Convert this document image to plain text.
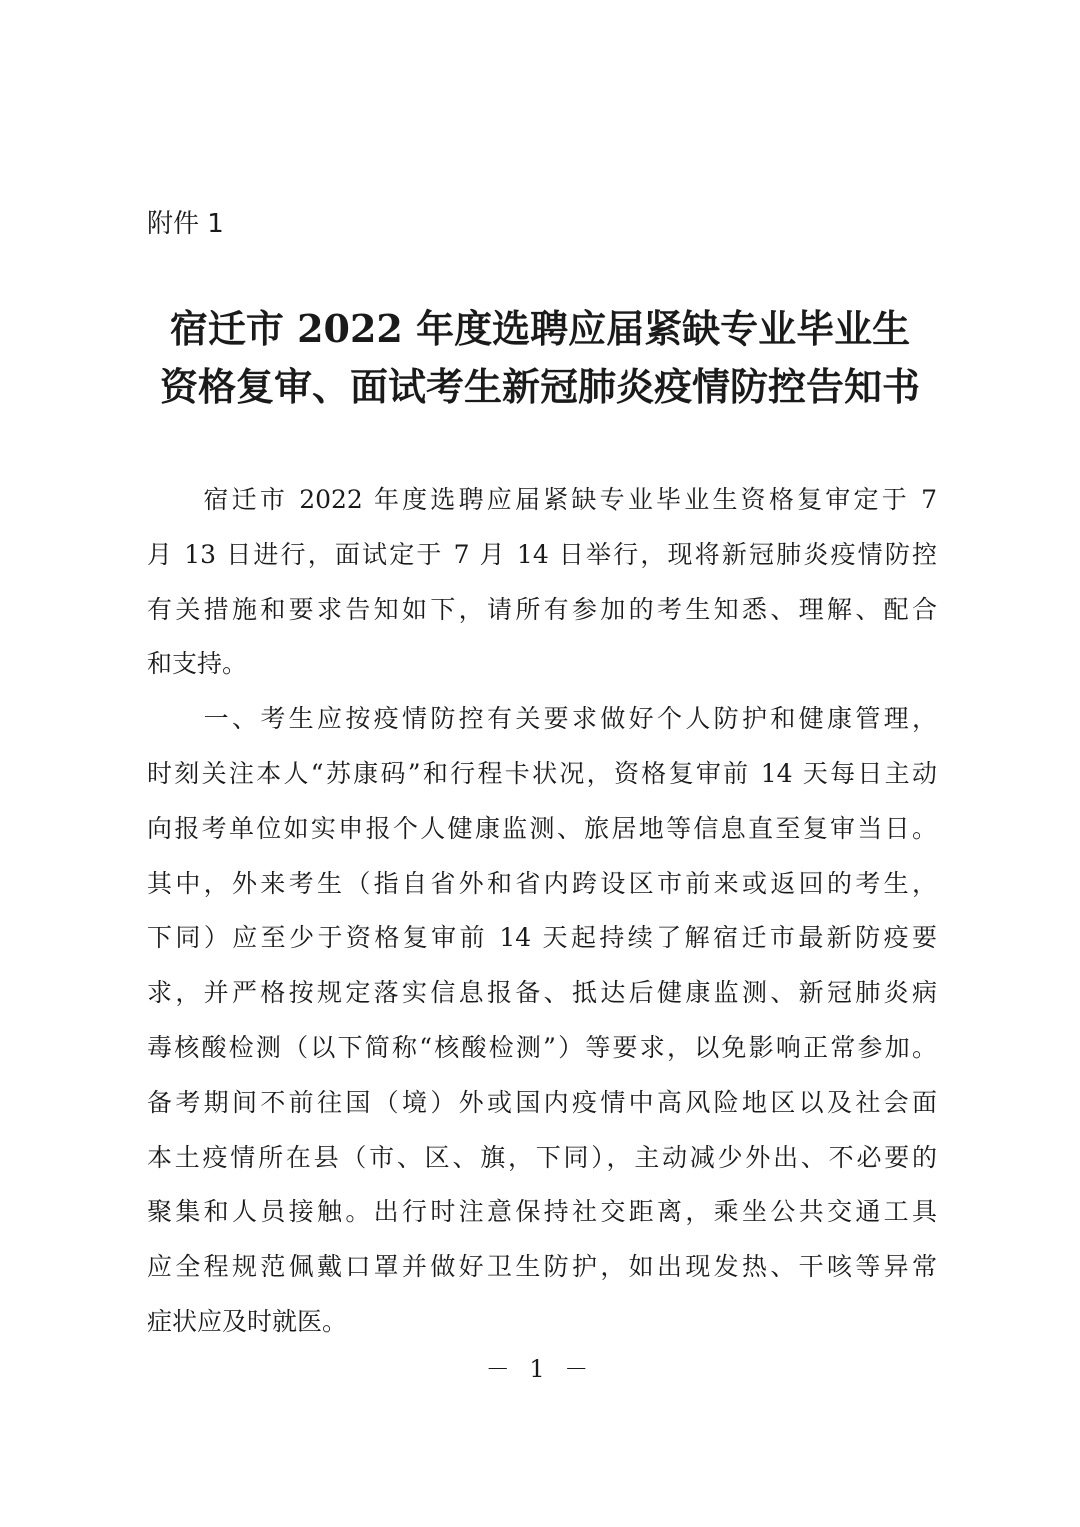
附件 1

宿迁市 2022 年度选聘应届紧缺专业毕业生
资格复审、面试考生新冠肺炎疫情防控告知书

　　宿迁市 2022 年度选聘应届紧缺专业毕业生资格复审定于 7
月 13 日进行，面试定于 7 月 14 日举行，现将新冠肺炎疫情防控
有关措施和要求告知如下，请所有参加的考生知悉、理解、配合
和支持。

　　一、考生应按疫情防控有关要求做好个人防护和健康管理，
时刻关注本人“苏康码”和行程卡状况，资格复审前 14 天每日主动
向报考单位如实申报个人健康监测、旅居地等信息直至复审当日。
其中，外来考生（指自省外和省内跨设区市前来或返回的考生，
下同）应至少于资格复审前 14 天起持续了解宿迁市最新防疫要
求，并严格按规定落实信息报备、抵达后健康监测、新冠肺炎病
毒核酸检测（以下简称“核酸检测”）等要求，以免影响正常参加。
备考期间不前往国（境）外或国内疫情中高风险地区以及社会面
本土疫情所在县（市、区、旗，下同），主动减少外出、不必要的
聚集和人员接触。出行时注意保持社交距离，乘坐公共交通工具
应全程规范佩戴口罩并做好卫生防护，如出现发热、干咳等异常
症状应及时就医。

－ 1 －
